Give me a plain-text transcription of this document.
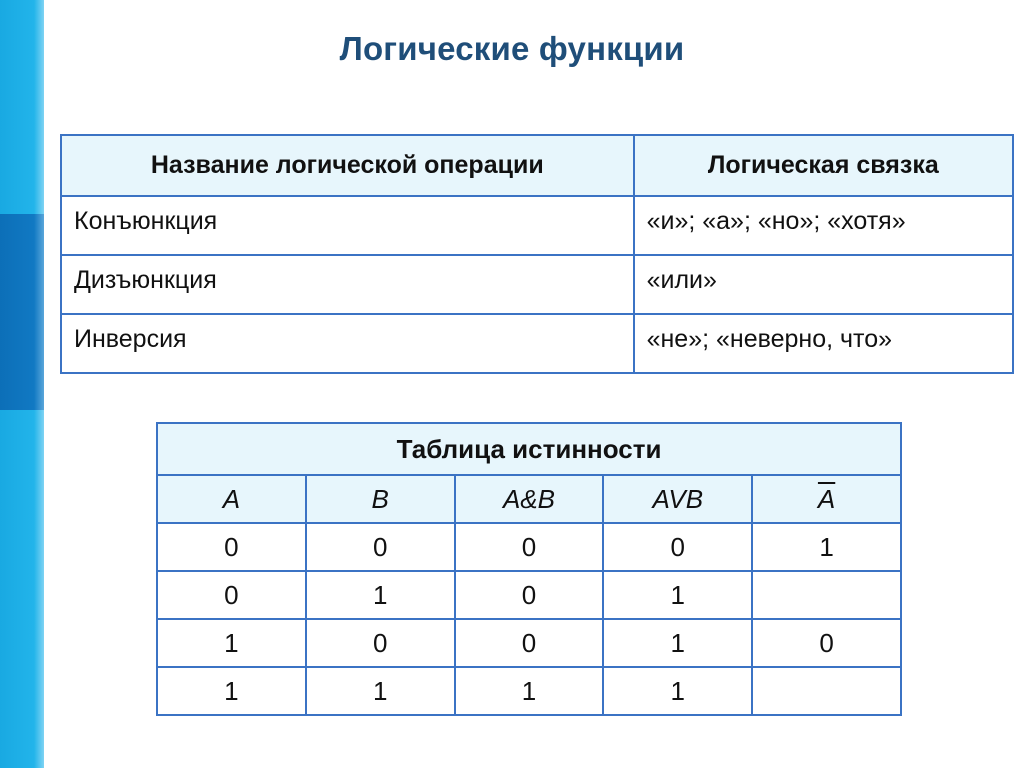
Логические функции
Название логической операции	Логическая связка
Конъюнкция	«и»; «а»; «но»; «хотя»
Дизъюнкция	«или»
Инверсия	«не»; «неверно, что»
Таблица истинности				
A	B	A&B	AVB	$\overline{A}$
0	0	0	0	1
0	1	0	1	
1	0	0	1	0
1	1	1	1	
